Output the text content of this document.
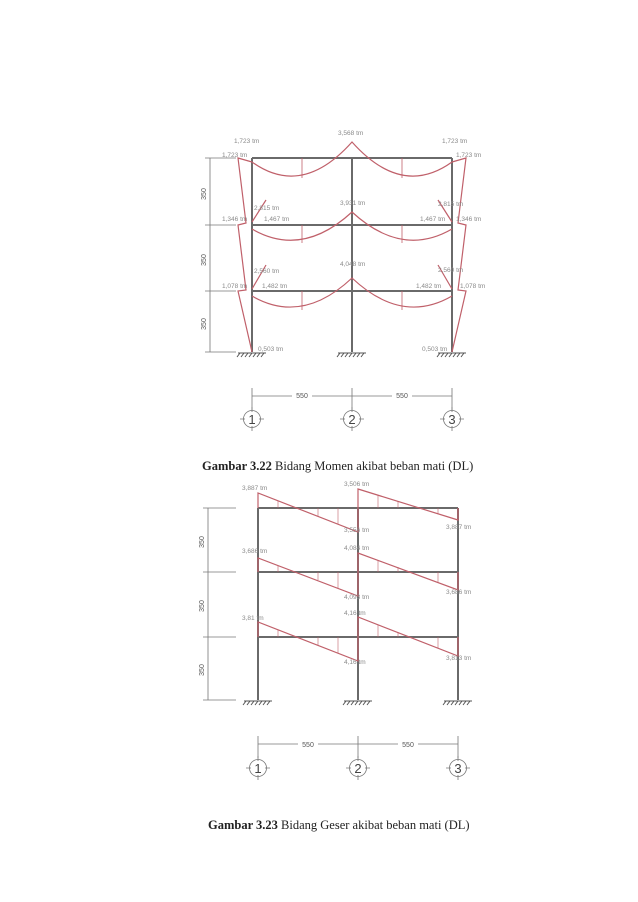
1,723 tm
3,568 tm
1,723 tm
1,723 tm	1,723 tm
1,346 tm	1,467 tm
2,815 tm
3,931 tm	2,815 tm
1,467 tm 1,346 tm
1,078 tm 1,482 tm
2,560 tm
4,048 tm
2,560 tm
1,482 tm	1,078 tm
0,503 tm	0,503 tm
350
350
350
550	550
1	2	3
3,887 tm
3,506 tm
3,556 tm	3,887 tm
3,686 tm	4,084 tm
4,093 tm
3,686 tm
3,81 tm
4,16 tm
4,16 tm
3,813 tm
350
350
350
550	550
1	2	3
Gambar 3.22 Bidang Momen akibat beban mati (DL)
Gambar 3.23 Bidang Geser akibat beban mati (DL)
